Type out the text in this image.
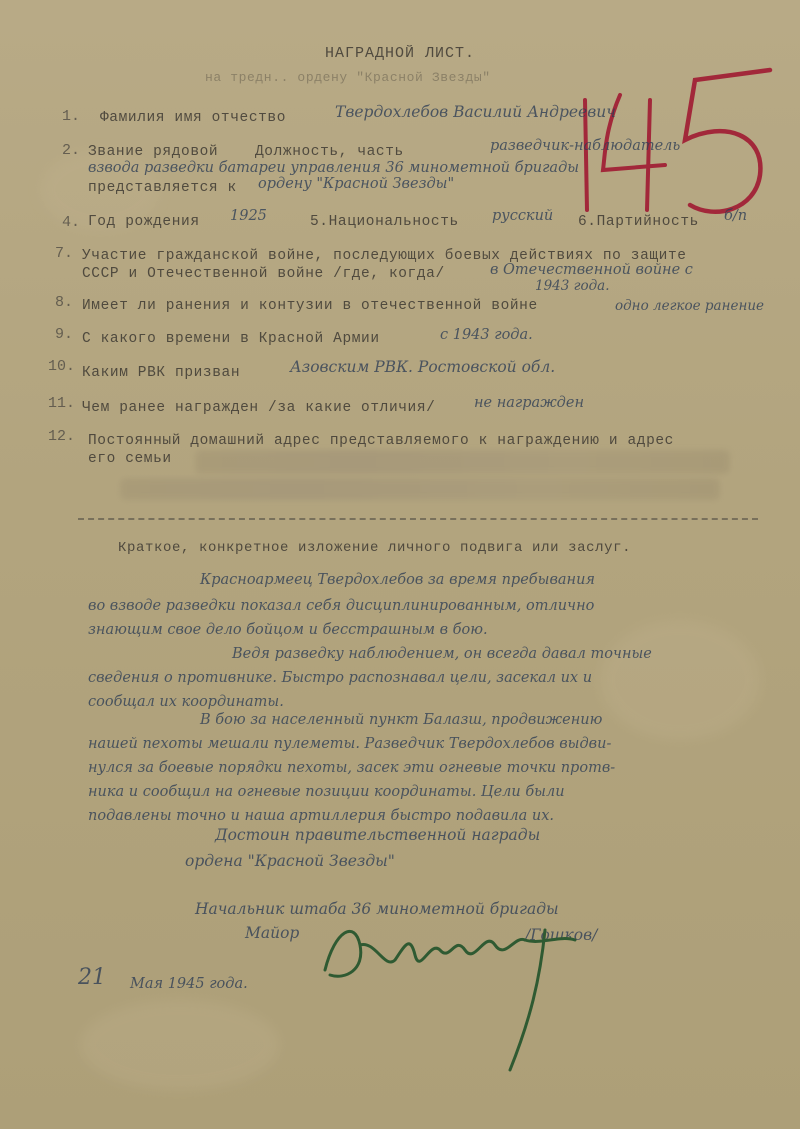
НАГРАДНОЙ ЛИСТ.
на тредн.. ордену "Красной Звезды"
1. Фамилия имя отчество	Твердохлебов Василий Андреевич
2. Звание рядовой	Должность, часть	разведчик-наблюдатель
взвода разведки батареи управления 36 минометной бригады
представляется к ордену "Красной Звезды"
4. Год рождения 1925	5.Национальность русский 6.Партийность б/п
7. Участие гражданской войне, последующих боевых действиях по защите
СССР и Отечественной войне /где, когда/	в Отечественной войне с
1943 года.
8. Имеет ли ранения и контузии в отечественной войне	одно легкое ранение
9. С какого времени в Красной Армии	с 1943 года.
10. Каким РВК призван	Азовским РВК. Ростовской обл.
11. Чем ранее награжден /за какие отличия/	не награжден
12. Постоянный домашний адрес представляемого к награждению и адрес
его семьи
Краткое, конкретное изложение личного подвига или заслуг.
Красноармеец Твердохлебов за время пребывания
во взводе разведки показал себя дисциплинированным, отлично
знающим свое дело бойцом и бесстрашным в бою.
Ведя разведку наблюдением, он всегда давал точные
сведения о противнике. Быстро распознавал цели, засекал их и
сообщал их координаты.
В бою за населенный пункт Балазш, продвижению
нашей пехоты мешали пулеметы. Разведчик Твердохлебов выдви-
нулся за боевые порядки пехоты, засек эти огневые точки протв-
ника и сообщил на огневые позиции координаты. Цели были
подавлены точно и наша артиллерия быстро подавила их.
Достоин правительственной награды
ордена "Красной Звезды"
Начальник штаба 36 минометной бригады
Майор	/Гошков/
21 Мая 1945 года.
